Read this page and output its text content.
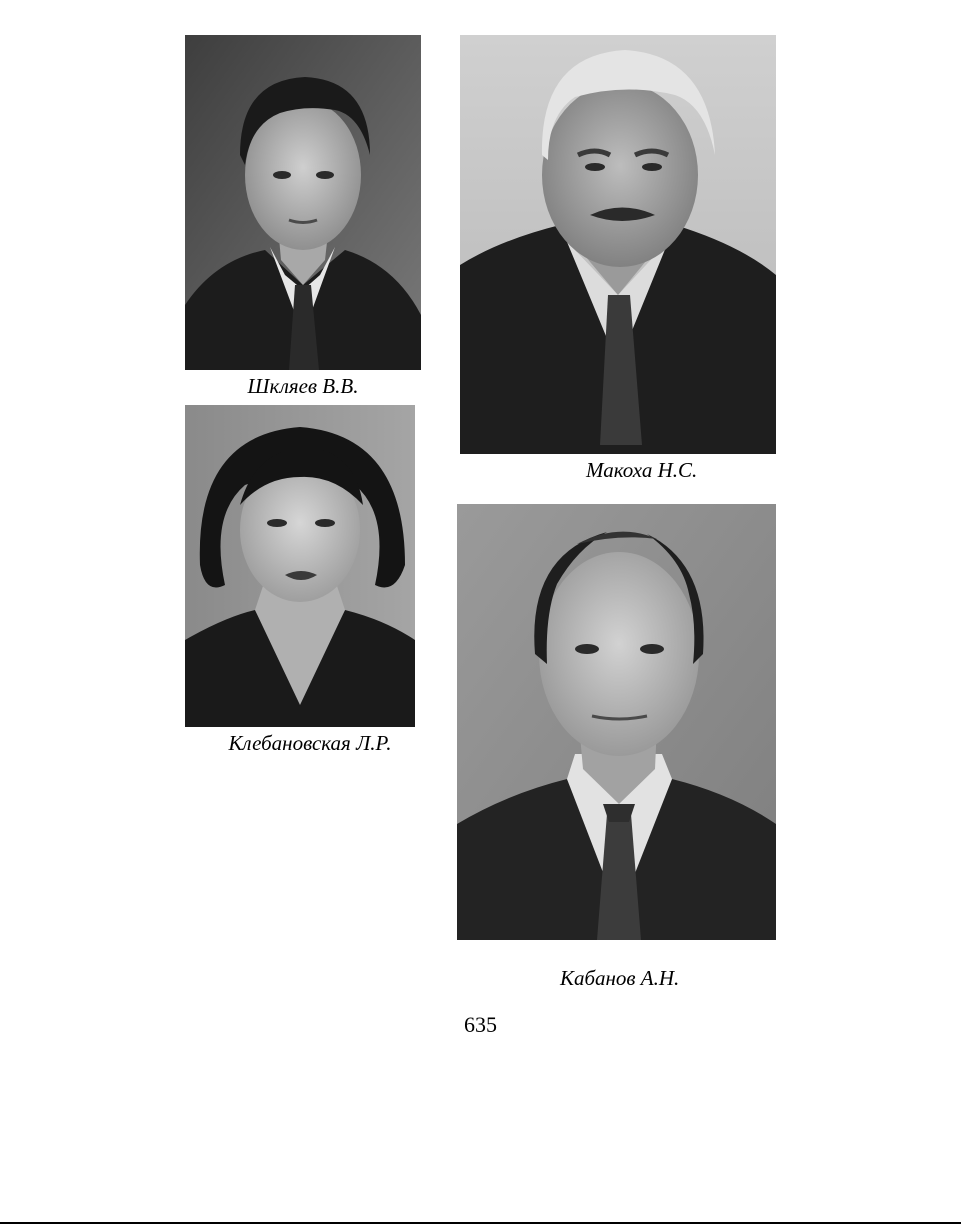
Шкляев В.В.
Макоха Н.С.
Клебановская Л.Р.
Кабанов А.Н.
635
